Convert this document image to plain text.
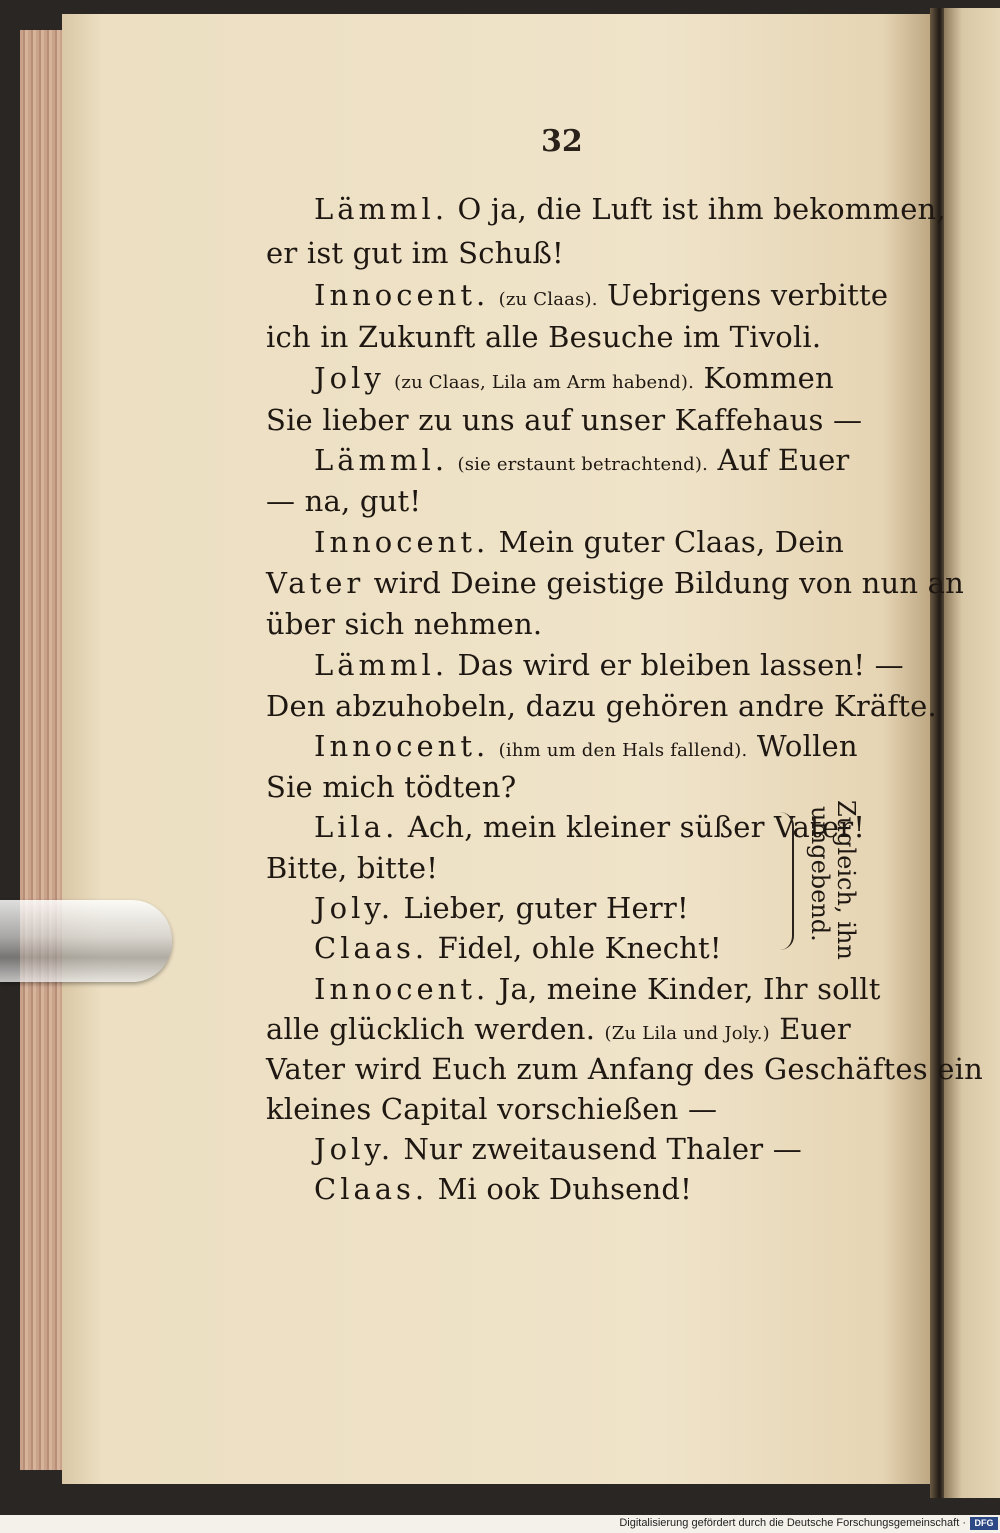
32
Lämml. O ja, die Luft ist ihm bekommen,
er ist gut im Schuß!
Innocent. (zu Claas). Uebrigens verbitte
ich in Zukunft alle Besuche im Tivoli.
Joly (zu Claas, Lila am Arm habend). Kommen
Sie lieber zu uns auf unser Kaffehaus —
Lämml. (sie erstaunt betrachtend). Auf Euer
— na, gut!
Innocent. Mein guter Claas, Dein
Vater wird Deine geistige Bildung von nun an
über sich nehmen.
Lämml. Das wird er bleiben lassen! —
Den abzuhobeln, dazu gehören andre Kräfte.
Innocent. (ihm um den Hals fallend). Wollen
Sie mich tödten?
Lila. Ach, mein kleiner süßer Vater!
Bitte, bitte!
Joly. Lieber, guter Herr!
Claas. Fidel, ohle Knecht!	Zugleich, ihn
umgebend.
Innocent. Ja, meine Kinder, Ihr sollt
alle glücklich werden. (Zu Lila und Joly.) Euer
Vater wird Euch zum Anfang des Geschäftes ein
kleines Capital vorschießen —
Joly. Nur zweitausend Thaler —
Claas. Mi ook Duhsend!
Digitalisierung gefördert durch die Deutsche Forschungsgemeinschaft · DFG
